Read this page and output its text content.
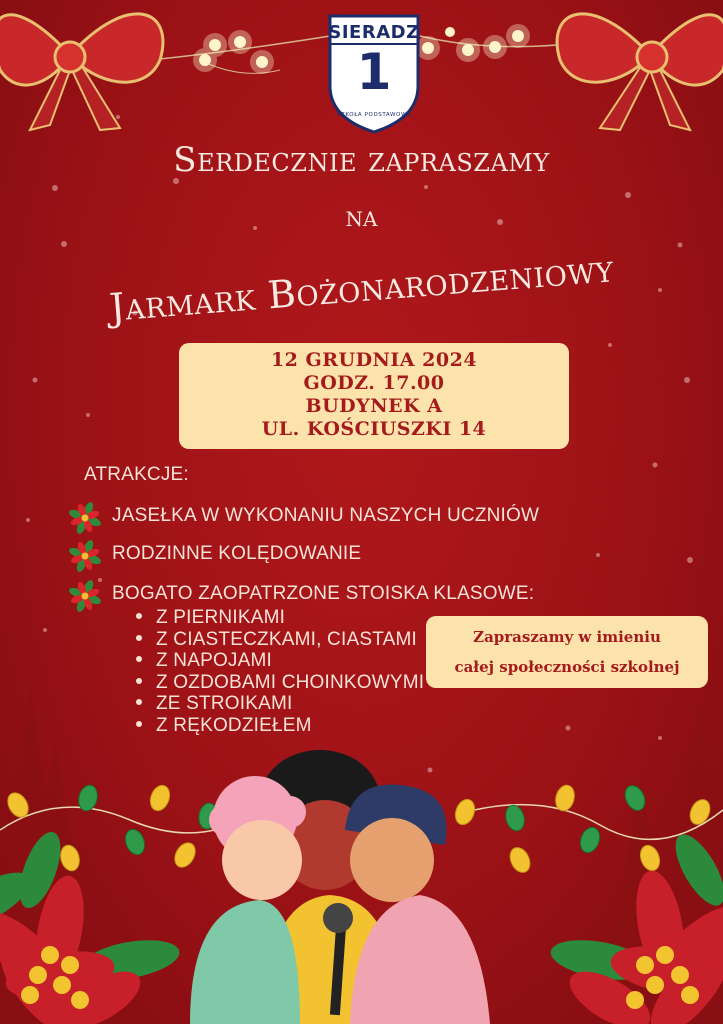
SIERADZ
1
SZKOŁA PODSTAWOWA
Serdecznie zapraszamy
na
Jarmark Bożonarodzeniowy
12 GRUDNIA 2024
GODZ. 17.00
BUDYNEK A
UL. KOŚCIUSZKI 14
ATRAKCJE:
JASEŁKA W WYKONANIU NASZYCH UCZNIÓW
RODZINNE KOLĘDOWANIE
BOGATO ZAOPATRZONE STOISKA KLASOWE:
Z PIERNIKAMI
Z CIASTECZKAMI, CIASTAMI
Z NAPOJAMI
Z OZDOBAMI CHOINKOWYMI
ZE STROIKAMI
Z RĘKODZIEŁEM
Zapraszamy w imieniu
całej społeczności szkolnej
